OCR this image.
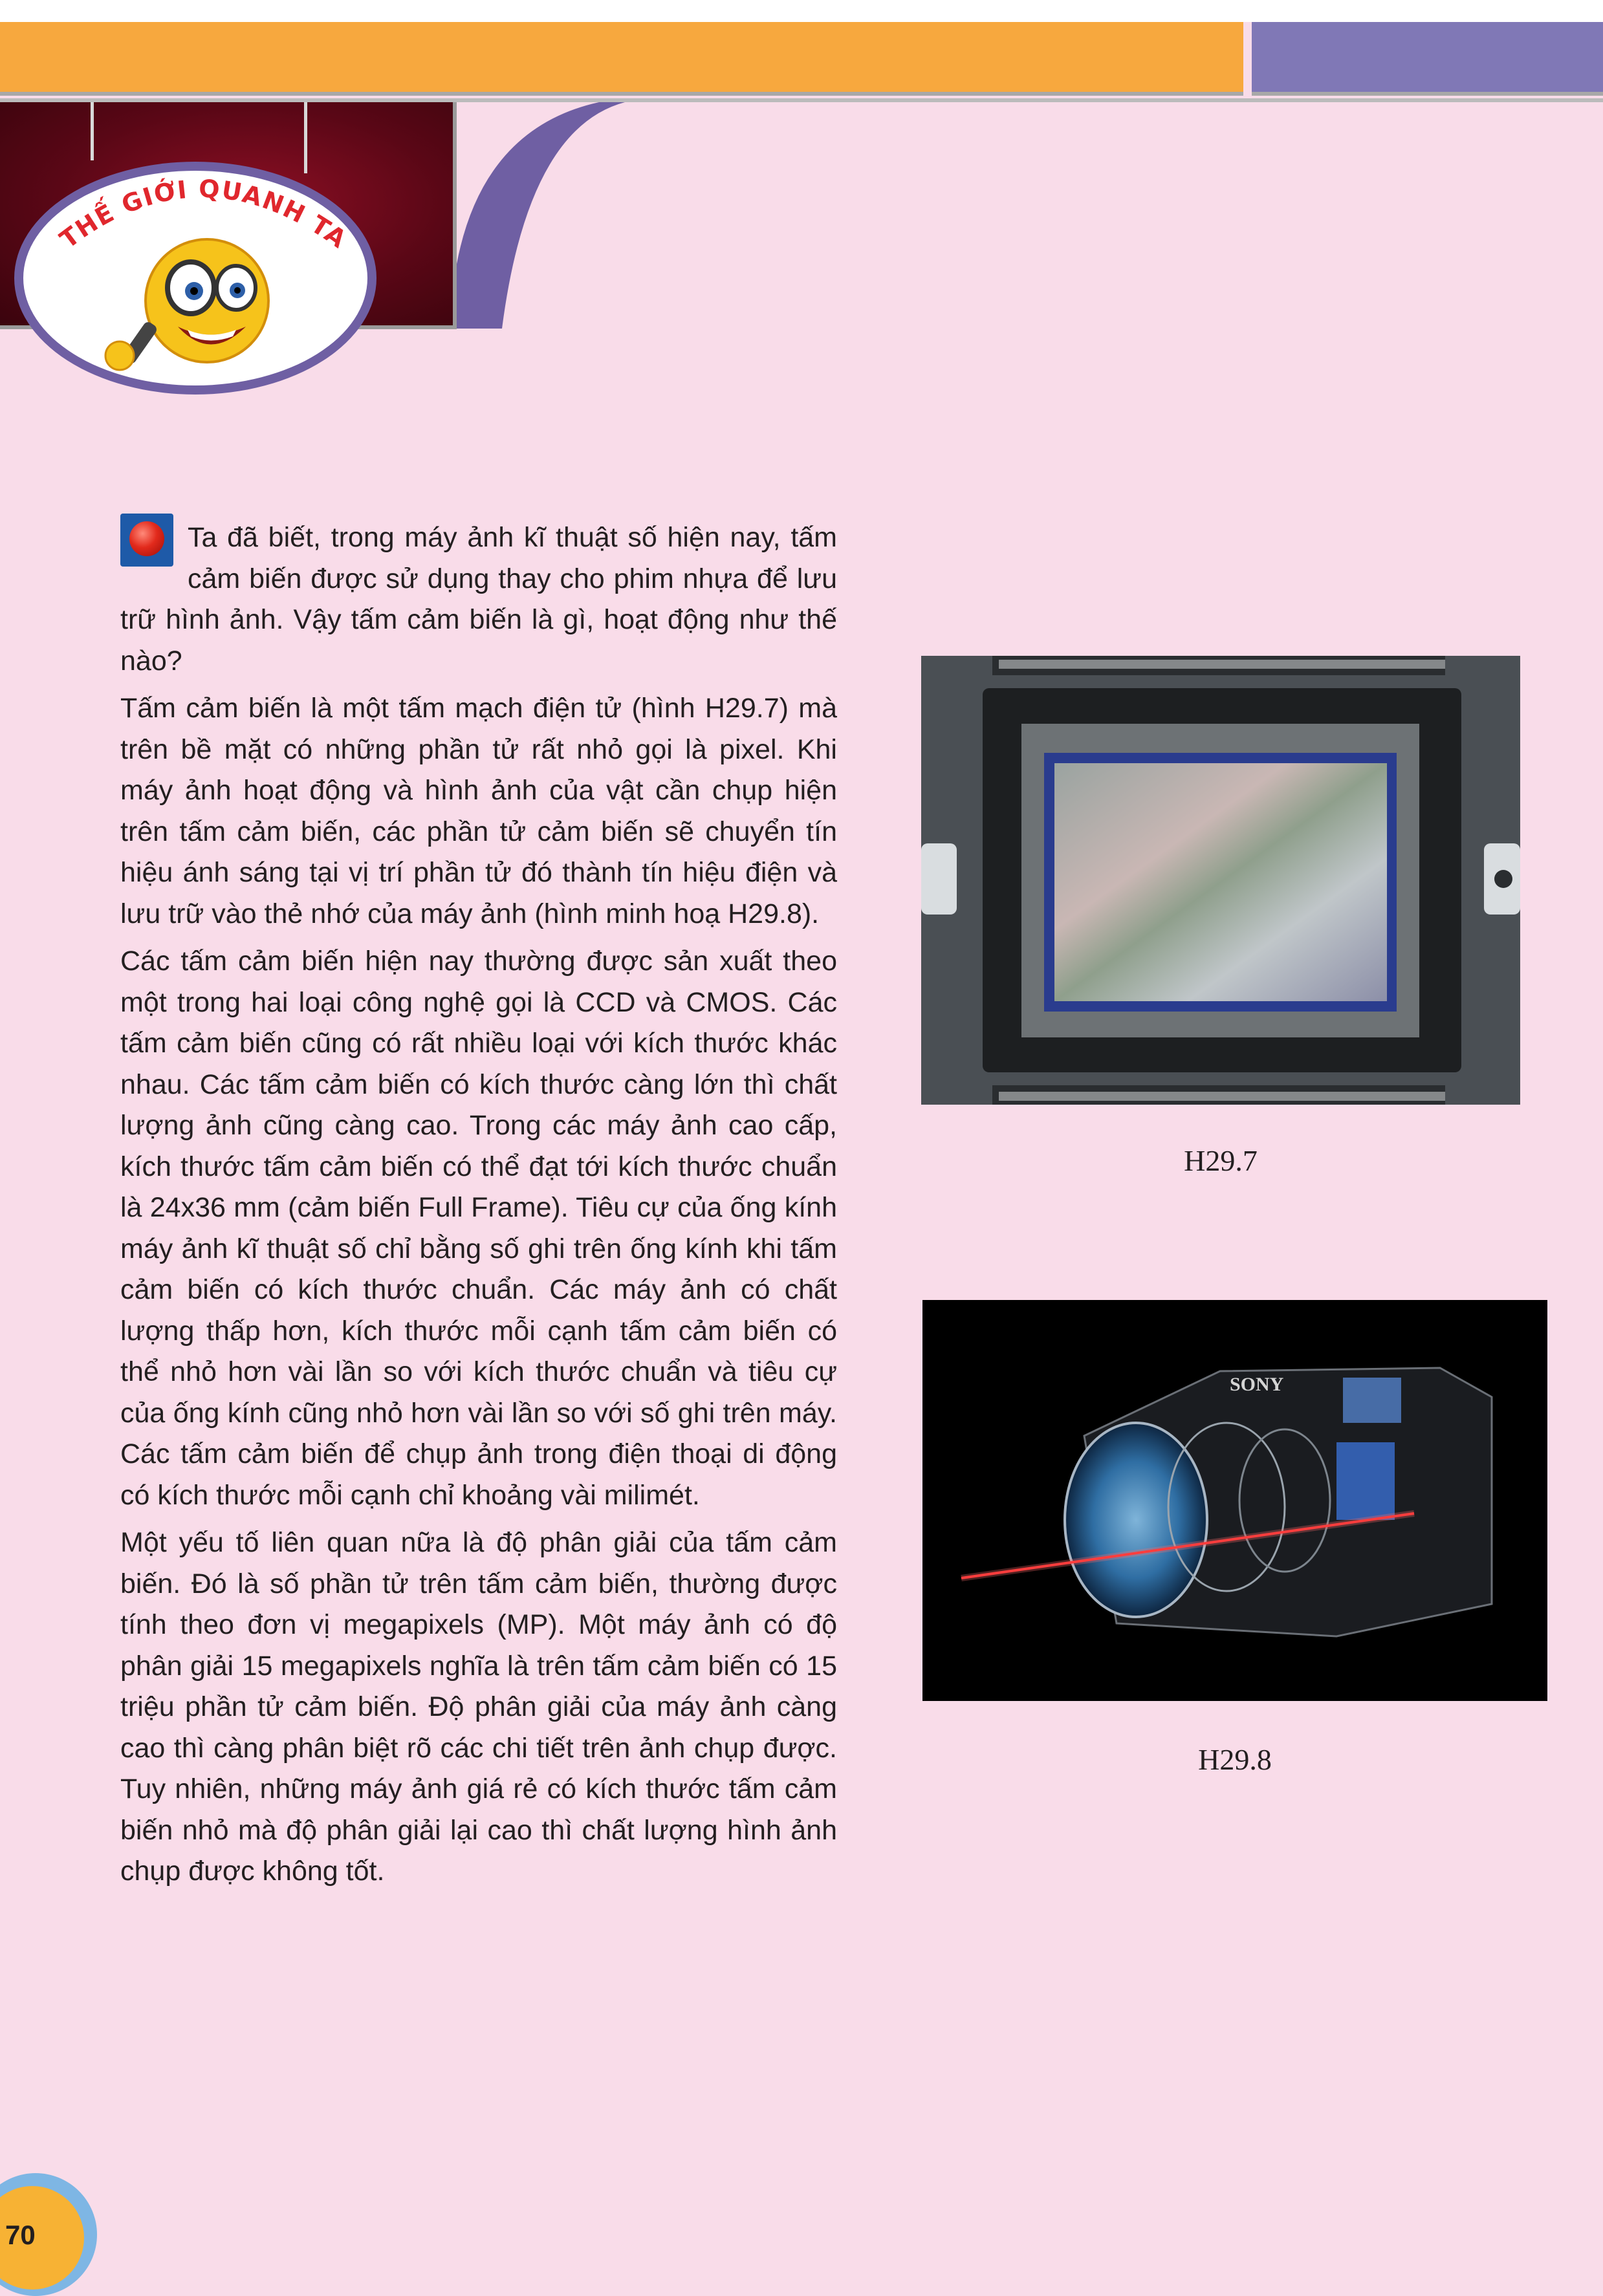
THẾ GIỚI QUANH TA

Ta đã biết, trong máy ảnh kĩ thuật số hiện nay, tấm cảm biến được sử dụng thay cho phim nhựa để lưu trữ hình ảnh. Vậy tấm cảm biến là gì, hoạt động như thế nào?

Tấm cảm biến là một tấm mạch điện tử (hình H29.7) mà trên bề mặt có những phần tử rất nhỏ gọi là pixel. Khi máy ảnh hoạt động và hình ảnh của vật cần chụp hiện trên tấm cảm biến, các phần tử cảm biến sẽ chuyển tín hiệu ánh sáng tại vị trí phần tử đó thành tín hiệu điện và lưu trữ vào thẻ nhớ của máy ảnh (hình minh hoạ H29.8).

Các tấm cảm biến hiện nay thường được sản xuất theo một trong hai loại công nghệ gọi là CCD và CMOS. Các tấm cảm biến cũng có rất nhiều loại với kích thước khác nhau. Các tấm cảm biến có kích thước càng lớn thì chất lượng ảnh cũng càng cao. Trong các máy ảnh cao cấp, kích thước tấm cảm biến có thể đạt tới kích thước chuẩn là 24x36 mm (cảm biến Full Frame). Tiêu cự của ống kính máy ảnh kĩ thuật số chỉ bằng số ghi trên ống kính khi tấm cảm biến có kích thước chuẩn. Các máy ảnh có chất lượng thấp hơn, kích thước mỗi cạnh tấm cảm biến có thể nhỏ hơn vài lần so với kích thước chuẩn và tiêu cự của ống kính cũng nhỏ hơn vài lần so với số ghi trên máy. Các tấm cảm biến để chụp ảnh trong điện thoại di động có kích thước mỗi cạnh chỉ khoảng vài milimét.

Một yếu tố liên quan nữa là độ phân giải của tấm cảm biến. Đó là số phần tử trên tấm cảm biến, thường được tính theo đơn vị megapixels (MP). Một máy ảnh có độ phân giải 15 megapixels nghĩa là trên tấm cảm biến có 15 triệu phần tử cảm biến. Độ phân giải của máy ảnh càng cao thì càng phân biệt rõ các chi tiết trên ảnh chụp được. Tuy nhiên, những máy ảnh giá rẻ có kích thước tấm cảm biến nhỏ mà độ phân giải lại cao thì chất lượng hình ảnh chụp được không tốt.

H29.7
SONY
H29.8
70
